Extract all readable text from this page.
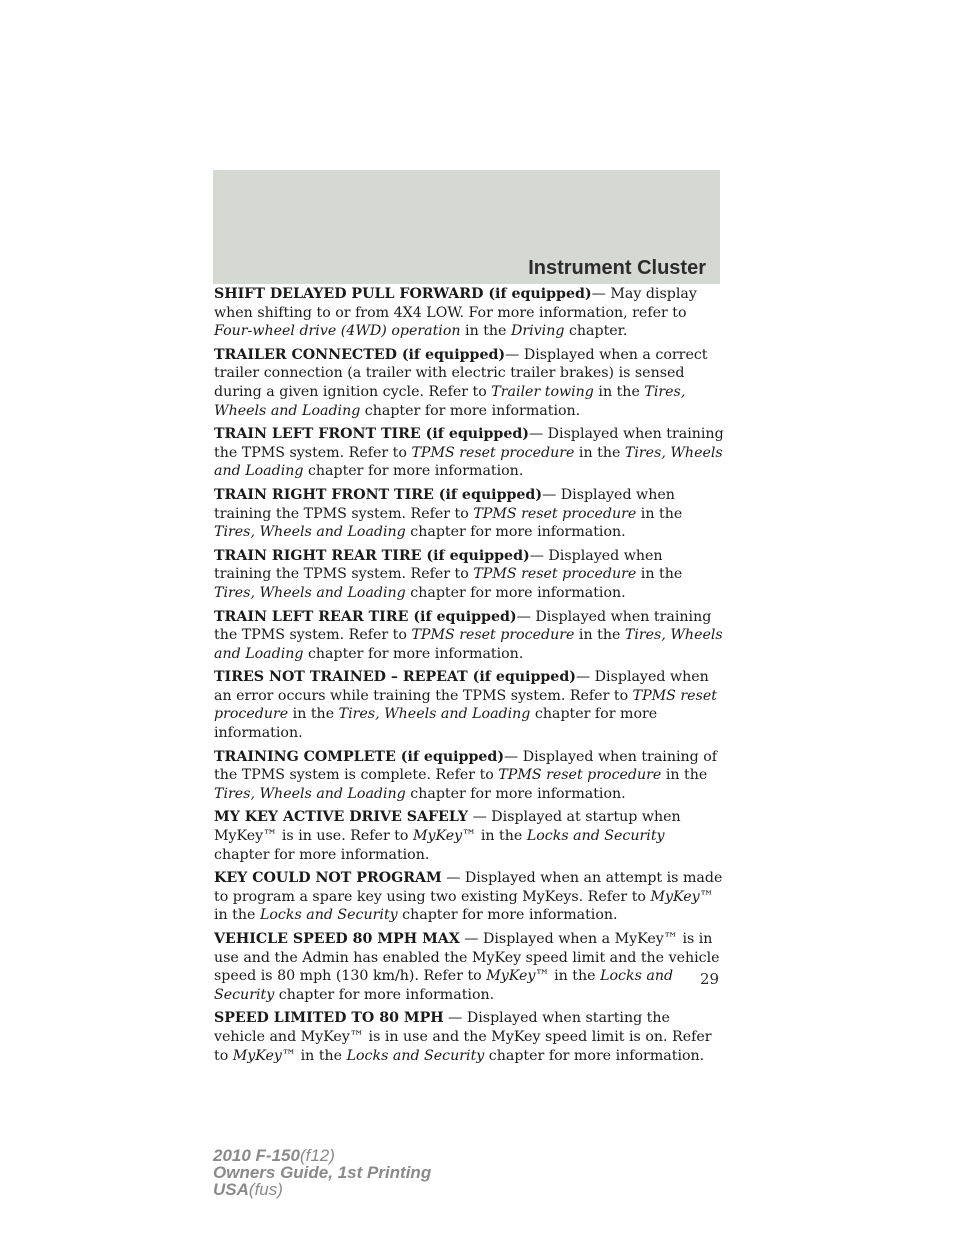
Instrument Cluster

SHIFT DELAYED PULL FORWARD (if equipped)— May display when shifting to or from 4X4 LOW. For more information, refer to Four-wheel drive (4WD) operation in the Driving chapter.

TRAILER CONNECTED (if equipped)— Displayed when a correct trailer connection (a trailer with electric trailer brakes) is sensed during a given ignition cycle. Refer to Trailer towing in the Tires, Wheels and Loading chapter for more information.

TRAIN LEFT FRONT TIRE (if equipped)— Displayed when training the TPMS system. Refer to TPMS reset procedure in the Tires, Wheels and Loading chapter for more information.

TRAIN RIGHT FRONT TIRE (if equipped)— Displayed when training the TPMS system. Refer to TPMS reset procedure in the Tires, Wheels and Loading chapter for more information.

TRAIN RIGHT REAR TIRE (if equipped)— Displayed when training the TPMS system. Refer to TPMS reset procedure in the Tires, Wheels and Loading chapter for more information.

TRAIN LEFT REAR TIRE (if equipped)— Displayed when training the TPMS system. Refer to TPMS reset procedure in the Tires, Wheels and Loading chapter for more information.

TIRES NOT TRAINED – REPEAT (if equipped)— Displayed when an error occurs while training the TPMS system. Refer to TPMS reset procedure in the Tires, Wheels and Loading chapter for more information.

TRAINING COMPLETE (if equipped)— Displayed when training of the TPMS system is complete. Refer to TPMS reset procedure in the Tires, Wheels and Loading chapter for more information.

MY KEY ACTIVE DRIVE SAFELY — Displayed at startup when MyKey™ is in use. Refer to MyKey™ in the Locks and Security chapter for more information.

KEY COULD NOT PROGRAM — Displayed when an attempt is made to program a spare key using two existing MyKeys. Refer to MyKey™ in the Locks and Security chapter for more information.

VEHICLE SPEED 80 MPH MAX — Displayed when a MyKey™ is in use and the Admin has enabled the MyKey speed limit and the vehicle speed is 80 mph (130 km/h). Refer to MyKey™ in the Locks and Security chapter for more information.

SPEED LIMITED TO 80 MPH — Displayed when starting the vehicle and MyKey™ is in use and the MyKey speed limit is on. Refer to MyKey™ in the Locks and Security chapter for more information.

29
2010 F-150(f12)
Owners Guide, 1st Printing
USA(fus)
